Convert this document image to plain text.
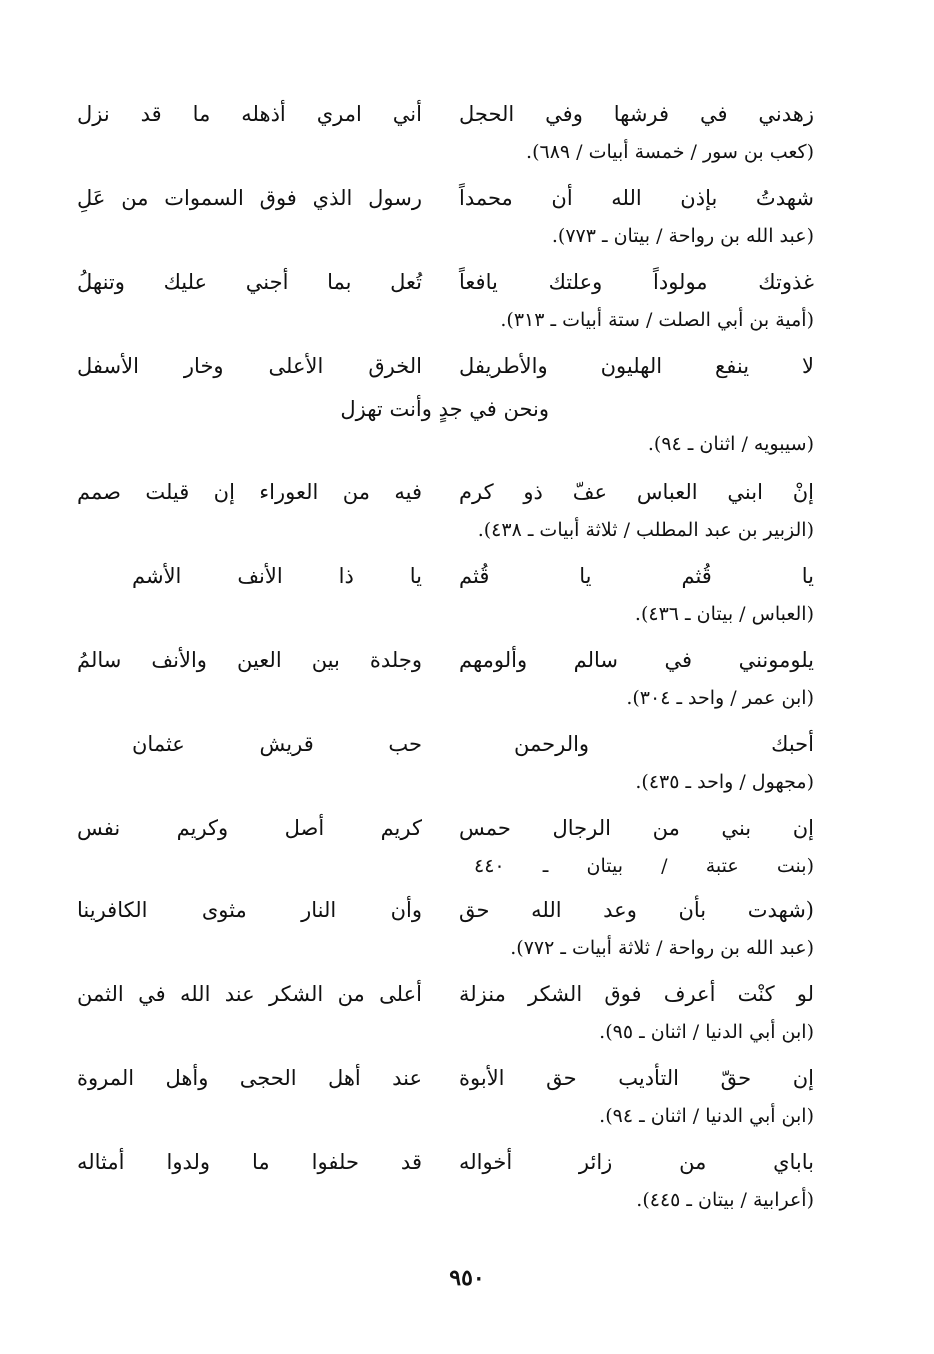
زهدني في فرشها وفي الحجل
أني امري أذهله ما قد نزل
(كعب بن سور / خمسة أبيات / ٦٨٩).
شهدتُ بإذن الله أن محمداً
رسول الذي فوق السموات من عَلِ
(عبد الله بن رواحة / بيتان ـ ٧٧٣).
غذوتك مولوداً وعلتك يافعاً
تُعل بما أجني عليك وتنهلُ
(أمية بن أبي الصلت / ستة أبيات ـ ٣١٣).
لا ينفع الهليون والأطريفل
الخرق الأعلى وخار الأسفل
ونحن في جدٍ وأنت تهزل
(سيبويه / اثنان ـ ٩٤).
إنْ ابني العباس عفّ ذو كرم
فيه من العوراء إن قيلت صمم
(الزبير بن عبد المطلب / ثلاثة أبيات ـ ٤٣٨).
يا قُثم يا قُثم
يا ذا الأنف الأشم
(العباس / بيتان ـ ٤٣٦).
يلومونني في سالم وألومهم
وجلدة بين العين والأنف سالمُ
(ابن عمر / واحد ـ ٣٠٤).
أحبك والرحمن
حب قريش عثمان
(مجهول / واحد ـ ٤٣٥).
إن بني من الرجال حمس
كريم أصل وكريم نفس
(بنت عتبة / بيتان ـ ٤٤٠
(شهدت بأن وعد الله حق
وأن النار مثوى الكافرينا
(عبد الله بن رواحة / ثلاثة أبيات ـ ٧٧٢).
لو كنْت أعرف فوق الشكر منزلة
أعلى من الشكر عند الله في الثمن
(ابن أبي الدنيا / اثنان ـ ٩٥).
إن حقّ التأديب حق الأبوة
عند أهل الحجى وأهل المروة
(ابن أبي الدنيا / اثنان ـ ٩٤).
باباي من زائر أخواله
قد حلفوا ما ولدوا أمثاله
(أعرابية / بيتان ـ ٤٤٥).
٩٥٠
